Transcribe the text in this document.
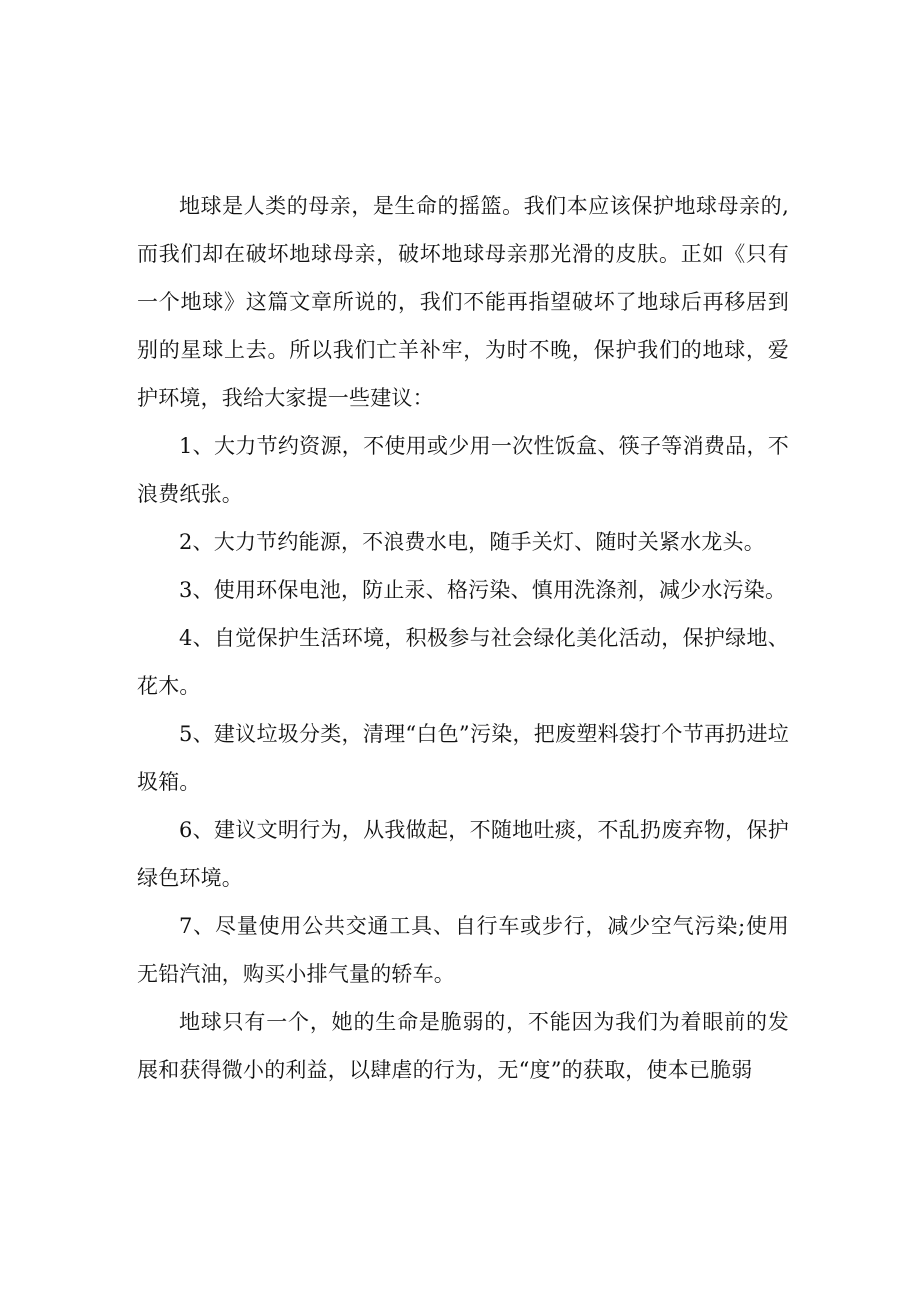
地球是人类的母亲，是生命的摇篮。我们本应该保护地球母亲的,而我们却在破坏地球母亲，破坏地球母亲那光滑的皮肤。正如《只有一个地球》这篇文章所说的，我们不能再指望破坏了地球后再移居到别的星球上去。所以我们亡羊补牢，为时不晚，保护我们的地球，爱护环境，我给大家提一些建议：

1、大力节约资源，不使用或少用一次性饭盒、筷子等消费品，不浪费纸张。

2、大力节约能源，不浪费水电，随手关灯、随时关紧水龙头。

3、使用环保电池，防止汞、格污染、慎用洗涤剂，减少水污染。

4、自觉保护生活环境，积极参与社会绿化美化活动，保护绿地、花木。

5、建议垃圾分类，清理“白色”污染，把废塑料袋打个节再扔进垃圾箱。

6、建议文明行为，从我做起，不随地吐痰，不乱扔废弃物，保护绿色环境。

7、尽量使用公共交通工具、自行车或步行，减少空气污染;使用无铅汽油，购买小排气量的轿车。

地球只有一个，她的生命是脆弱的，不能因为我们为着眼前的发展和获得微小的利益，以肆虐的行为，无“度”的获取，使本已脆弱
